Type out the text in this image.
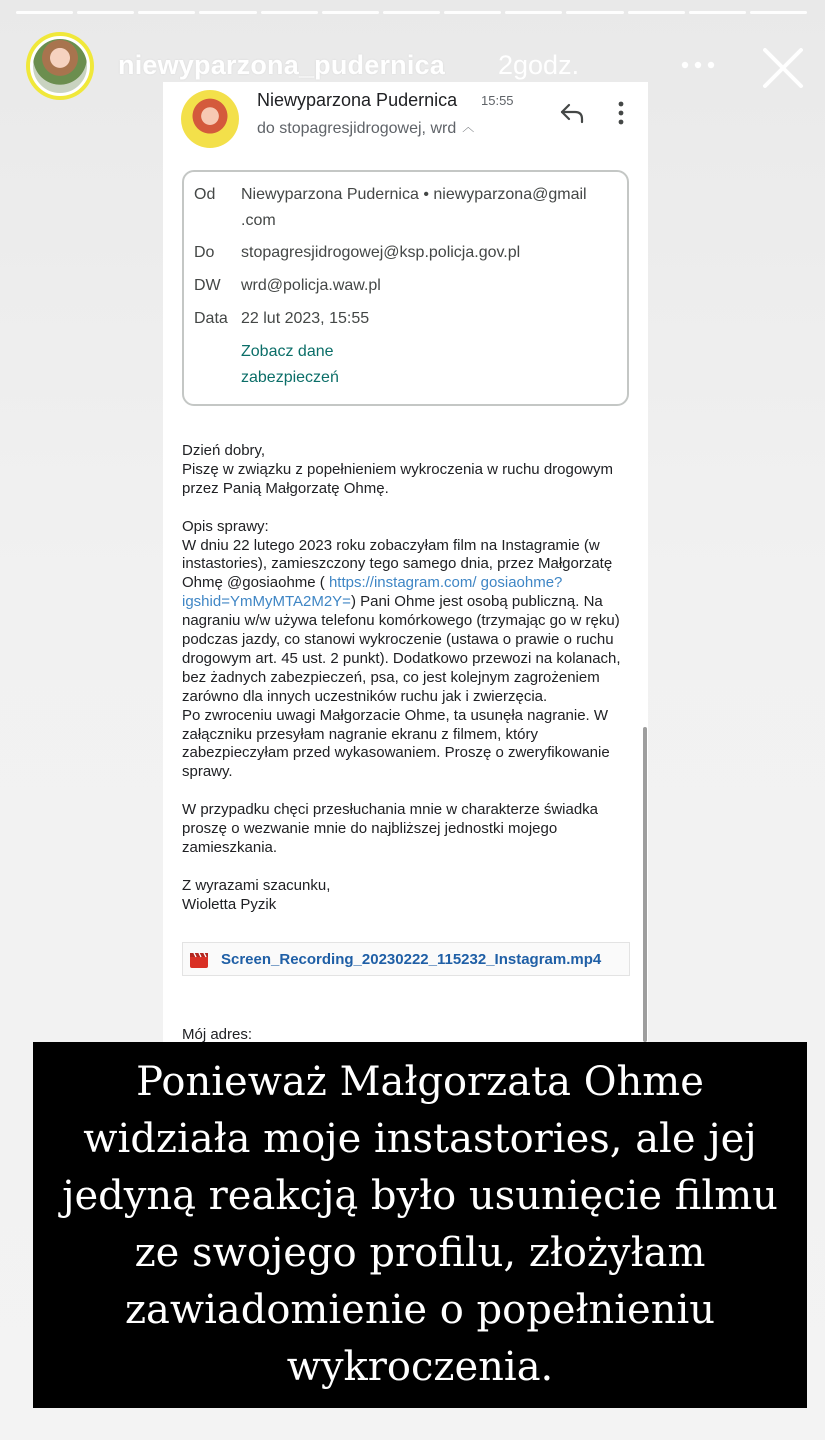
niewyparzona_pudernica 2godz.
Niewyparzona Pudernica 15:55
do stopagresjidrogowej, wrd ︿
Od	Niewyparzona Pudernica • niewyparzona@gmail .com
Do	stopagresjidrogowej@ksp.policja.gov.pl
DW	wrd@policja.waw.pl
Data 22 lut 2023, 15:55
Zobacz dane zabezpieczeń

Dzień dobry,

Piszę w związku z popełnieniem wykroczenia w ruchu drogowym przez Panią Małgorzatę Ohmę.

Opis sprawy:

W dniu 22 lutego 2023 roku zobaczyłam film na Instagramie (w instastories), zamieszczony tego samego dnia, przez Małgorzatę Ohmę @gosiaohme ( https://instagram.com/ gosiaohme?igshid=YmMyMTA2M2Y=) Pani Ohme jest osobą publiczną. Na nagraniu w/w używa telefonu komórkowego (trzymając go w ręku) podczas jazdy, co stanowi wykroczenie (ustawa o prawie o ruchu drogowym art. 45 ust. 2 punkt). Dodatkowo przewozi na kolanach, bez żadnych zabezpieczeń, psa, co jest kolejnym zagrożeniem zarówno dla innych uczestników ruchu jak i zwierzęcia.

Po zwroceniu uwagi Małgorzacie Ohme, ta usunęła nagranie. W załączniku przesyłam nagranie ekranu z filmem, który zabezpieczyłam przed wykasowaniem. Proszę o zweryfikowanie sprawy.

W przypadku chęci przesłuchania mnie w charakterze świadka proszę o wezwanie mnie do najbliższej jednostki mojego zamieszkania.

Z wyrazami szacunku,

Wioletta Pyzik

Screen_Recording_20230222_115232_Instagram.mp4
Mój adres:
Ponieważ Małgorzata Ohme widziała moje instastories, ale jej jedyną reakcją było usunięcie filmu ze swojego profilu, złożyłam zawiadomienie o popełnieniu wykroczenia.
